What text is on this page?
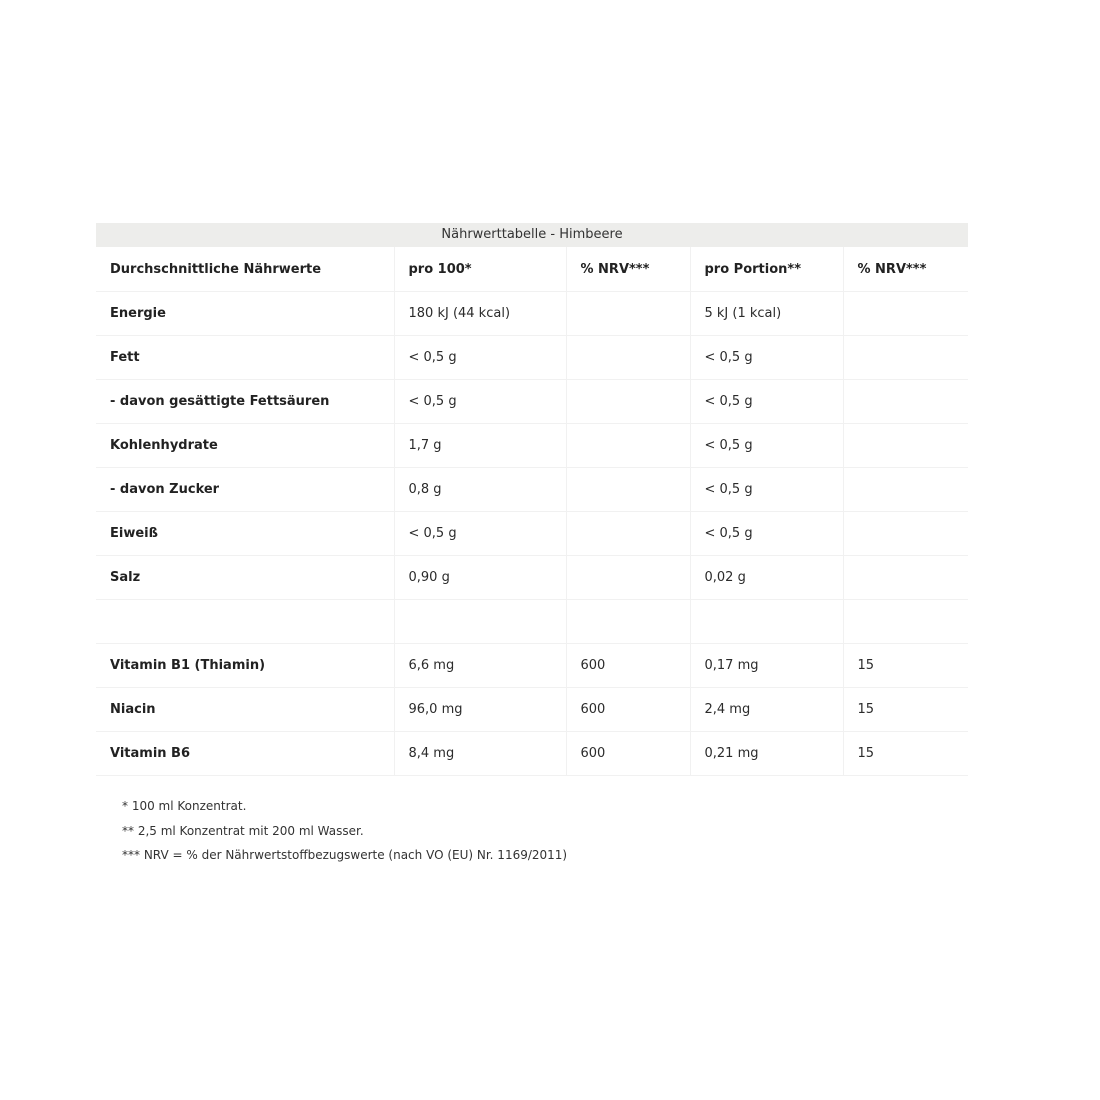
Nährwerttabelle - Himbeere
Durchschnittliche Nährwerte	pro 100*	% NRV***	pro Portion**	% NRV***
Energie	180 kJ (44 kcal)		5 kJ (1 kcal)	
Fett	< 0,5 g		< 0,5 g	
- davon gesättigte Fettsäuren	< 0,5 g		< 0,5 g	
Kohlenhydrate	1,7 g		< 0,5 g	
- davon Zucker	0,8 g		< 0,5 g	
Eiweiß	< 0,5 g		< 0,5 g	
Salz	0,90 g		0,02 g	

Vitamin B1 (Thiamin)	6,6 mg	600	0,17 mg	15
Niacin	96,0 mg	600	2,4 mg	15
Vitamin B6	8,4 mg	600	0,21 mg	15
* 100 ml Konzentrat.
** 2,5 ml Konzentrat mit 200 ml Wasser.
*** NRV = % der Nährwertstoffbezugswerte (nach VO (EU) Nr. 1169/2011)
